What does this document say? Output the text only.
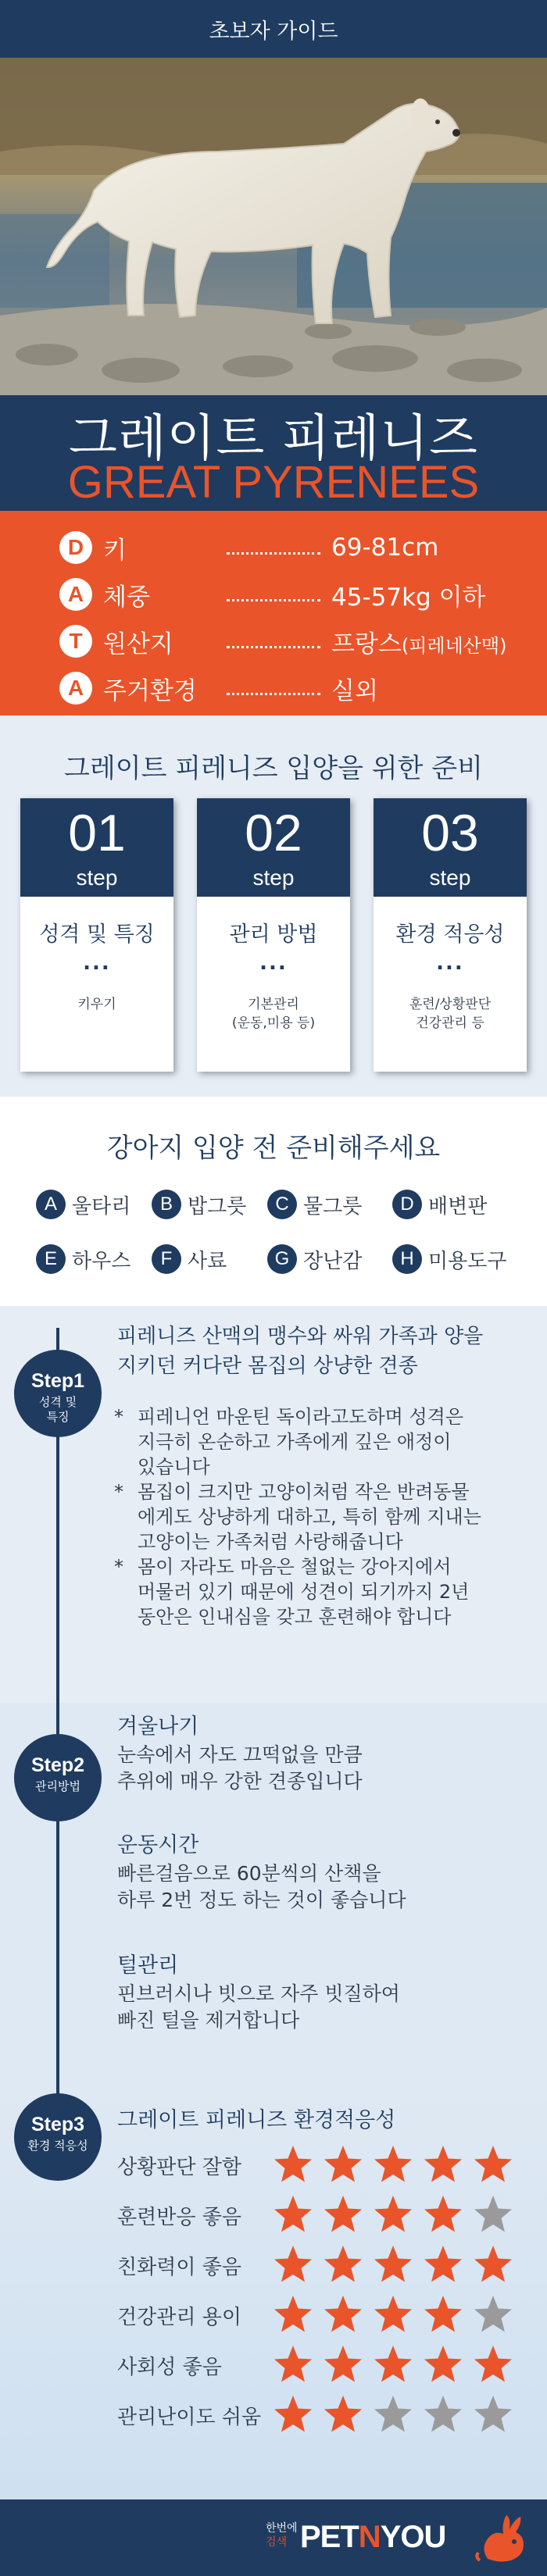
초보자 가이드
그레이트 피레니즈
GREAT PYRENEES
D 키	69-81cm
A 체중	45-57kg 이하
T 원산지	프랑스(피레네산맥)
A 주거환경	실외
그레이트 피레니즈 입양을 위한 준비
01
step
성격 및 특징
...
키우기
02
step
관리 방법
...
기본관리
(운동,미용 등)
03
step
환경 적응성
...
훈련/상황판단
건강관리 등
강아지 입양 전 준비해주세요
A 울타리	B 밥그릇	C 물그릇	D 배변판
E 하우스	F 사료	G 장난감	H 미용도구
Step1
성격 및
특징
피레니즈 산맥의 맹수와 싸워 가족과 양을
지키던 커다란 몸집의 상냥한 견종
* 피레니언 마운틴 독이라고도하며 성격은
지극히 온순하고 가족에게 깊은 애정이
있습니다
* 몸집이 크지만 고양이처럼 작은 반려동물
에게도 상냥하게 대하고, 특히 함께 지내는
고양이는 가족처럼 사랑해줍니다
* 몸이 자라도 마음은 철없는 강아지에서
머물러 있기 때문에 성견이 되기까지 2년
동안은 인내심을 갖고 훈련해야 합니다
Step2
관리방법
겨울나기
눈속에서 자도 끄떡없을 만큼
추위에 매우 강한 견종입니다
운동시간
빠른걸음으로 60분씩의 산책을
하루 2번 정도 하는 것이 좋습니다
털관리
핀브러시나 빗으로 자주 빗질하여
빠진 털을 제거합니다
Step3
환경 적응성
그레이트 피레니즈 환경적응성
상황판단 잘함
훈련반응 좋음
친화력이 좋음
건강관리 용이
사회성 좋음
관리난이도 쉬움
한번에
검색 PETNYOU
